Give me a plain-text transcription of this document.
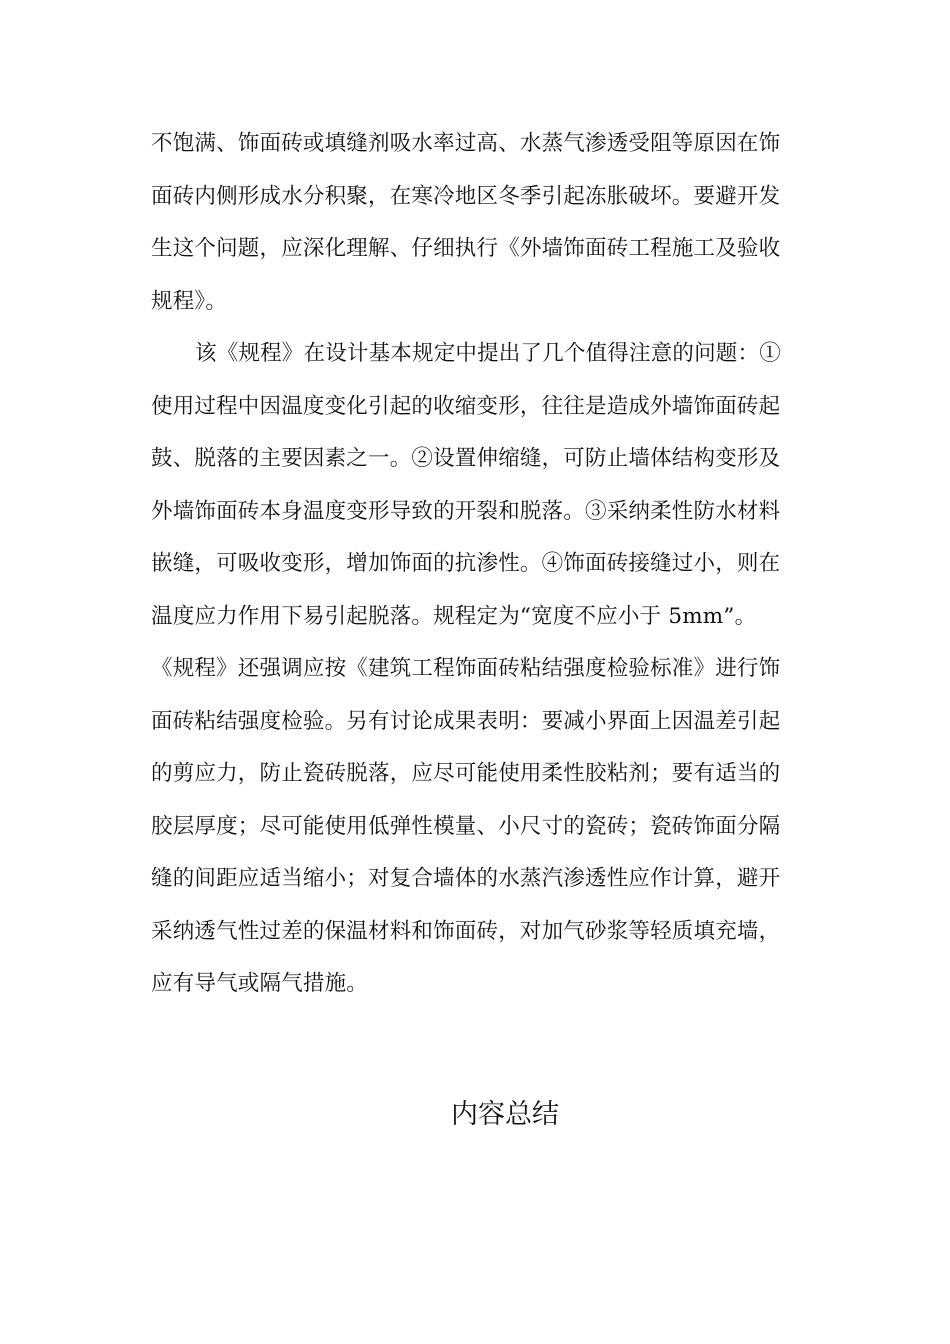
不饱满、饰面砖或填缝剂吸水率过高、水蒸气渗透受阻等原因在饰
面砖内侧形成水分积聚，在寒冷地区冬季引起冻胀破坏。要避开发
生这个问题，应深化理解、仔细执行《外墙饰面砖工程施工及验收
规程》。
该《规程》在设计基本规定中提出了几个值得注意的问题：①
使用过程中因温度变化引起的收缩变形，往往是造成外墙饰面砖起
鼓、脱落的主要因素之一。②设置伸缩缝，可防止墙体结构变形及
外墙饰面砖本身温度变形导致的开裂和脱落。③采纳柔性防水材料
嵌缝，可吸收变形，增加饰面的抗渗性。④饰面砖接缝过小，则在
温度应力作用下易引起脱落。规程定为“宽度不应小于 5mm”。
《规程》还强调应按《建筑工程饰面砖粘结强度检验标准》进行饰
面砖粘结强度检验。另有讨论成果表明：要减小界面上因温差引起
的剪应力，防止瓷砖脱落，应尽可能使用柔性胶粘剂；要有适当的
胶层厚度；尽可能使用低弹性模量、小尺寸的瓷砖；瓷砖饰面分隔
缝的间距应适当缩小；对复合墙体的水蒸汽渗透性应作计算，避开
采纳透气性过差的保温材料和饰面砖，对加气砂浆等轻质填充墙，
应有导气或隔气措施。
内容总结
